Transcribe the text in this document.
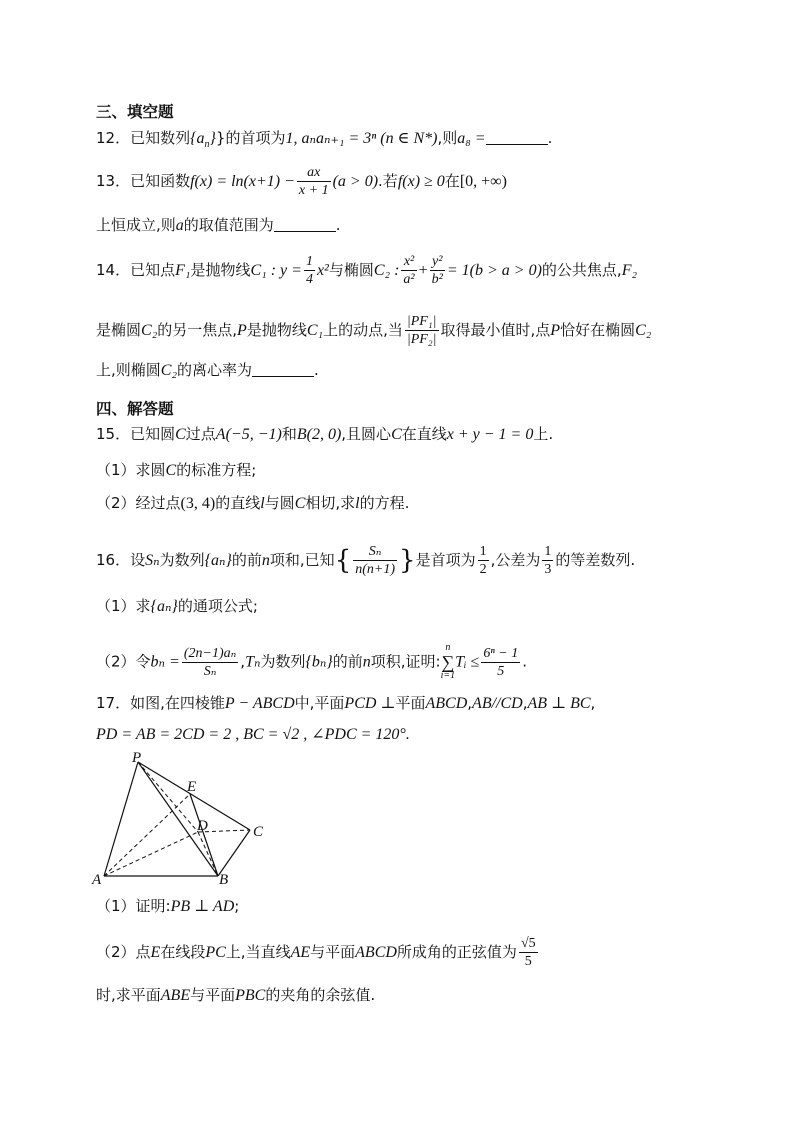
三、填空题
12．已知数列$\{a_n\}$}的首项为1, aₙaₙ₊₁ = 3ⁿ (n ∈ N*),则a₈ =	.
13．已知函数$f(x) = \ln(x+1) - \frac{ax}{x + 1} (a > 0)$.若f(x) ≥ 0在[0, +∞)
上恒成立,则a的取值范围为	.
14．已知点F₁是抛物线C₁ : $y = \frac{1}{4} x^2$与椭圆C₂ : $\frac{\text{x²}}{\text{a²}} + \frac{\text{y²}}{\text{b²}} = 1(b > a > 0)$的公共焦点,F₂
是椭圆C₂的另一焦点,P是抛物线C₁上的动点,当 $\frac{\text{|PF₁|}}{\text{|PF₂|}}$ 取得最小值时,点P恰好在椭圆C₂
上,则椭圆C₂的离心率为	.
四、解答题
15．已知圆C过点A(−5, −1)和B(2, 0),且圆心C在直线x + y − 1 = 0上.
（1）求圆C的标准方程;
（2）经过点(3, 4)的直线l与圆C相切,求l的方程.
16．设Sₙ为数列{aₙ}的前n项和,已知{ $\frac{\text{Sₙ}}{n(n+1)}$ }是首项为 $\frac{1}{2}$ ,公差为 $\frac{1}{3}$ 的等差数列.
（1）求{aₙ}的通项公式;
（2）令$b_n = \frac{\text{(2n−1)aₙ}}{\text{Sₙ}} ,T_n$为数列{bₙ}的前n项积,证明:
n
∑
i=1
Tᵢ ≤ $\frac{\text{6ⁿ − 1}}{5}$ .
17．如图,在四棱锥P − ABCD中,平面PCD ⊥平面ABCD,AB//CD,AB ⊥ BC,
PD = AB = 2CD = 2 , BC = √2 , ∠PDC = 120°.
P
E
D	C
A	B
（1）证明:PB ⊥ AD;
（2）点E在线段PC上,当直线AE与平面ABCD所成角的正弦值为 $\frac{√5}{5}$
时,求平面ABE与平面PBC的夹角的余弦值.
